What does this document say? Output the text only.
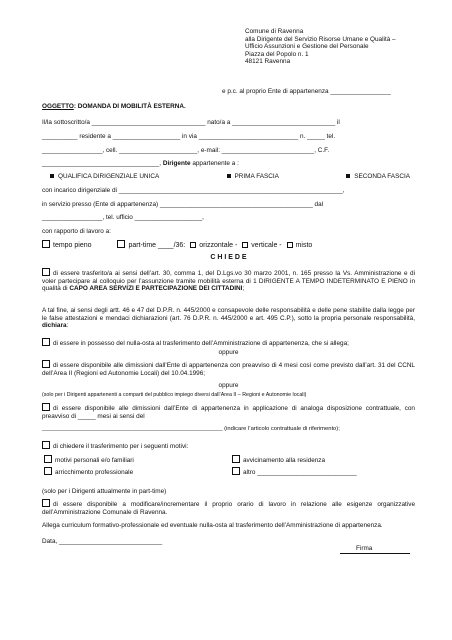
Comune di Ravenna
alla Dirigente del Servizio Risorse Umane e Qualità –
Ufficio Assunzioni e Gestione del Personale
Piazza del Popolo n. 1
48121 Ravenna
e p.c. al proprio Ente di appartenenza _________________
OGGETTO: DOMANDA DI MOBILITÀ ESTERNA.
Il/la sottoscritto/a ________________________________ nato/a a _____________________________ il
__________ residente a ___________________ in via ____________________________ n. _____ tel.
_________________, cell. ______________________, e-mail: __________________________, C.F.
_________________________________, Dirigente appartenente a :
QUALIFICA DIRIGENZIALE UNICA	PRIMA FASCIA	SECONDA FASCIA
con incarico dirigenziale di _______________________________________________________________,
in servizio presso (Ente di appartenenza) ___________________________________________ dal
_________________, tel. ufficio ___________________,
con rapporto di lavoro a:
tempo pieno	part-time ____/36: orizzontale - verticale - misto
C H I E D E
di essere trasferito/a ai sensi dell’art. 30, comma 1, del D.Lgs.vo 30 marzo 2001, n. 165 presso la Vs. Amministrazione e di voler partecipare al colloquio per l’assunzione tramite mobilità esterna di 1 DIRIGENTE A TEMPO INDETERMINATO E PIENO in qualità di CAPO AREA SERVIZI E PARTECIPAZIONE DEI CITTADINI;
A tal fine, ai sensi degli artt. 46 e 47 del D.P.R. n. 445/2000 e consapevole delle responsabilità e delle pene stabilite dalla legge per le false attestazioni e mendaci dichiarazioni (art. 76 D.P.R. n. 445/2000 e art. 495 C.P.), sotto la propria personale responsabilità, dichiara:
di essere in possesso del nulla-osta al trasferimento dell’Amministrazione di appartenenza, che si allega;
oppure
di essere disponibile alle dimissioni dall’Ente di appartenenza con preavviso di 4 mesi così come previsto dall’art. 31 del CCNL dell’Area II (Regioni ed Autonomie Locali) del 10.04.1996;
oppure
(solo per i Dirigenti appartenenti a comparti del pubblico impiego diversi dall’Area II – Regioni e Autonomie locali)
di essere disponibile alle dimissioni dall’Ente di appartenenza in applicazione di analoga disposizione contrattuale, con preavviso di _____ mesi ai sensi del
________________________________________________________ (indicare l’articolo contrattuale di riferimento);
di chiedere il trasferimento per i seguenti motivi:
motivi personali e/o familiari	avvicinamento alla residenza
arricchimento professionale	altro ____________________________
(solo per i Dirigenti attualmente in part-time)
di essere disponibile a modificare/incrementare il proprio orario di lavoro in relazione alle esigenze organizzative dell’Amministrazione Comunale di Ravenna.
Allega curriculum formativo-professionale ed eventuale nulla-osta al trasferimento dell’Amministrazione di appartenenza.
Data, _____________________________
Firma
